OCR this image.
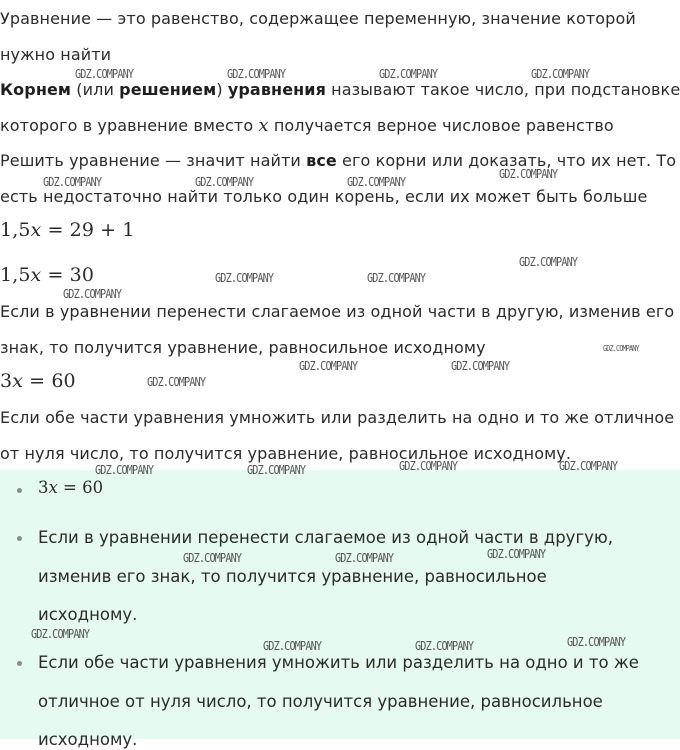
Уравнение — это равенство, содержащее переменную, значение которой
нужно найти
Корнем (или решением) уравнения называют такое число, при подстановке
которого в уравнение вместо x получается верное числовое равенство
Решить уравнение — значит найти все его корни или доказать, что их нет. То
есть недостаточно найти только один корень, если их может быть больше
1,5x = 29 + 1
1,5x = 30
Если в уравнении перенести слагаемое из одной части в другую, изменив его
знак, то получится уравнение, равносильное исходному
3x = 60
Если обе части уравнения умножить или разделить на одно и то же отличное
от нуля число, то получится уравнение, равносильное исходному.
3x = 60
Если в уравнении перенести слагаемое из одной части в другую,
изменив его знак, то получится уравнение, равносильное
исходному.
Если обе части уравнения умножить или разделить на одно и то же
отличное от нуля число, то получится уравнение, равносильное
исходному.
GDZ.COMPANY	GDZ.COMPANY	GDZ.COMPANY	GDZ.COMPANY
GDZ.COMPANY	GDZ.COMPANY	GDZ.COMPANY
GDZ.COMPANY
GDZ.COMPANY
GDZ.COMPANY	GDZ.COMPANY
GDZ.COMPANY
GDZ.COMPANY
GDZ.COMPANY	GDZ.COMPANY
GDZ.COMPANY
GDZ.COMPANY	GDZ.COMPANY
GDZ.COMPANY	GDZ.COMPANY
GDZ.COMPANY
GDZ.COMPANY	GDZ.COMPANY
GDZ.COMPANY
GDZ.COMPANY
GDZ.COMPANY	GDZ.COMPANY
